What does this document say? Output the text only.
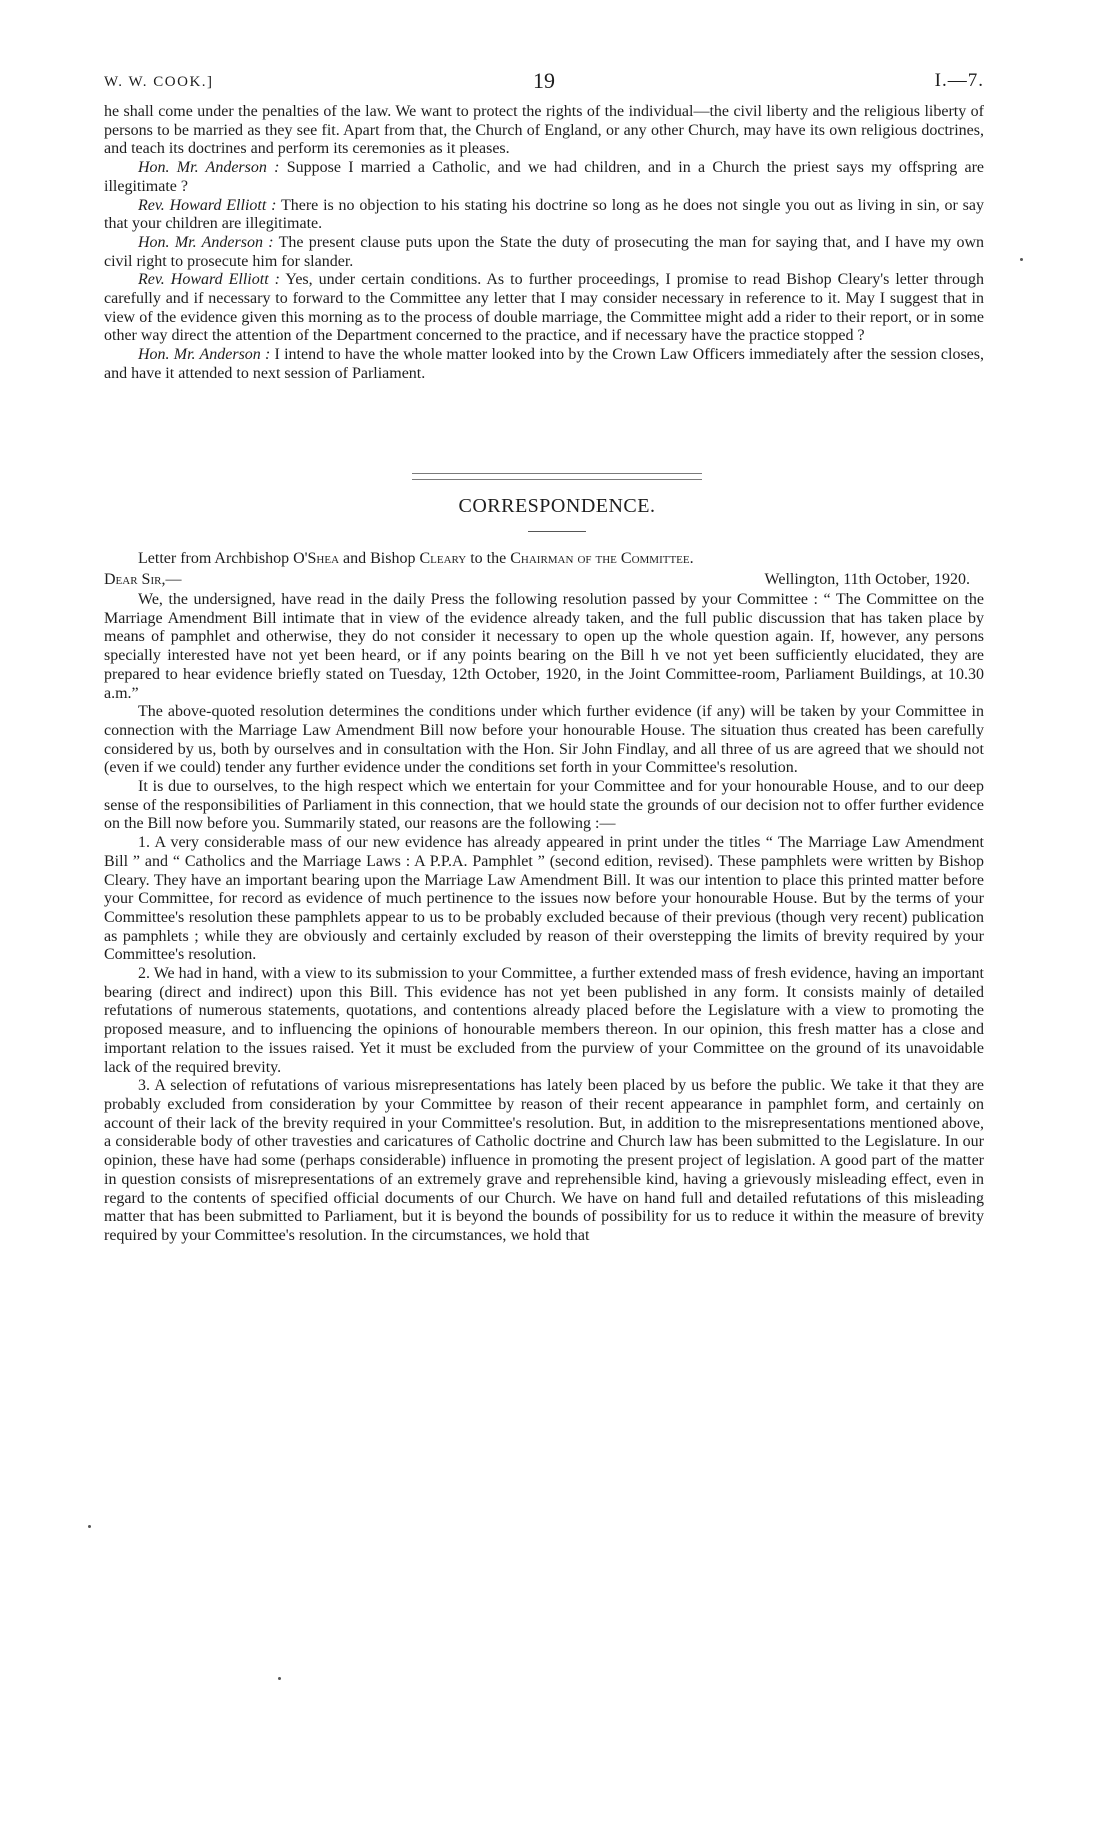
W. W. COOK.]	19	I.—7.

he shall come under the penalties of the law. We want to protect the rights of the individual—the civil liberty and the religious liberty of persons to be married as they see fit. Apart from that, the Church of England, or any other Church, may have its own religious doctrines, and teach its doctrines and perform its ceremonies as it pleases.

Hon. Mr. Anderson : Suppose I married a Catholic, and we had children, and in a Church the priest says my offspring are illegitimate ?

Rev. Howard Elliott : There is no objection to his stating his doctrine so long as he does not single you out as living in sin, or say that your children are illegitimate.

Hon. Mr. Anderson : The present clause puts upon the State the duty of prosecuting the man for saying that, and I have my own civil right to prosecute him for slander.

Rev. Howard Elliott : Yes, under certain conditions. As to further proceedings, I promise to read Bishop Cleary's letter through carefully and if necessary to forward to the Committee any letter that I may consider necessary in reference to it. May I suggest that in view of the evidence given this morning as to the process of double marriage, the Committee might add a rider to their report, or in some other way direct the attention of the Department concerned to the practice, and if necessary have the practice stopped ?

Hon. Mr. Anderson : I intend to have the whole matter looked into by the Crown Law Officers immediately after the session closes, and have it attended to next session of Parliament.

CORRESPONDENCE.
Letter from Archbishop O'Shea and Bishop Cleary to the Chairman of the Committee.
Dear Sir,—	Wellington, 11th October, 1920.

We, the undersigned, have read in the daily Press the following resolution passed by your Committee : “ The Committee on the Marriage Amendment Bill intimate that in view of the evidence already taken, and the full public discussion that has taken place by means of pamphlet and otherwise, they do not consider it necessary to open up the whole question again. If, however, any persons specially interested have not yet been heard, or if any points bearing on the Bill h ve not yet been sufficiently elucidated, they are prepared to hear evidence briefly stated on Tuesday, 12th October, 1920, in the Joint Committee-room, Parliament Buildings, at 10.30 a.m.”

The above-quoted resolution determines the conditions under which further evidence (if any) will be taken by your Committee in connection with the Marriage Law Amendment Bill now before your honourable House. The situation thus created has been carefully considered by us, both by ourselves and in consultation with the Hon. Sir John Findlay, and all three of us are agreed that we should not (even if we could) tender any further evidence under the conditions set forth in your Committee's resolution.

It is due to ourselves, to the high respect which we entertain for your Committee and for your honourable House, and to our deep sense of the responsibilities of Parliament in this connection, that we hould state the grounds of our decision not to offer further evidence on the Bill now before you. Summarily stated, our reasons are the following :—

1. A very considerable mass of our new evidence has already appeared in print under the titles “ The Marriage Law Amendment Bill ” and “ Catholics and the Marriage Laws : A P.P.A. Pamphlet ” (second edition, revised). These pamphlets were written by Bishop Cleary. They have an important bearing upon the Marriage Law Amendment Bill. It was our intention to place this printed matter before your Committee, for record as evidence of much pertinence to the issues now before your honourable House. But by the terms of your Committee's resolution these pamphlets appear to us to be probably excluded because of their previous (though very recent) publication as pamphlets ; while they are obviously and certainly excluded by reason of their overstepping the limits of brevity required by your Committee's resolution.

2. We had in hand, with a view to its submission to your Committee, a further extended mass of fresh evidence, having an important bearing (direct and indirect) upon this Bill. This evidence has not yet been published in any form. It consists mainly of detailed refutations of numerous statements, quotations, and contentions already placed before the Legislature with a view to promoting the proposed measure, and to influencing the opinions of honourable members thereon. In our opinion, this fresh matter has a close and important relation to the issues raised. Yet it must be excluded from the purview of your Committee on the ground of its unavoidable lack of the required brevity.

3. A selection of refutations of various misrepresentations has lately been placed by us before the public. We take it that they are probably excluded from consideration by your Committee by reason of their recent appearance in pamphlet form, and certainly on account of their lack of the brevity required in your Committee's resolution. But, in addition to the misrepresentations mentioned above, a considerable body of other travesties and caricatures of Catholic doctrine and Church law has been submitted to the Legislature. In our opinion, these have had some (perhaps considerable) influence in promoting the present project of legislation. A good part of the matter in question consists of misrepresentations of an extremely grave and reprehensible kind, having a grievously misleading effect, even in regard to the contents of specified official documents of our Church. We have on hand full and detailed refutations of this misleading matter that has been submitted to Parliament, but it is beyond the bounds of possibility for us to reduce it within the measure of brevity required by your Committee's resolution. In the circumstances, we hold that
